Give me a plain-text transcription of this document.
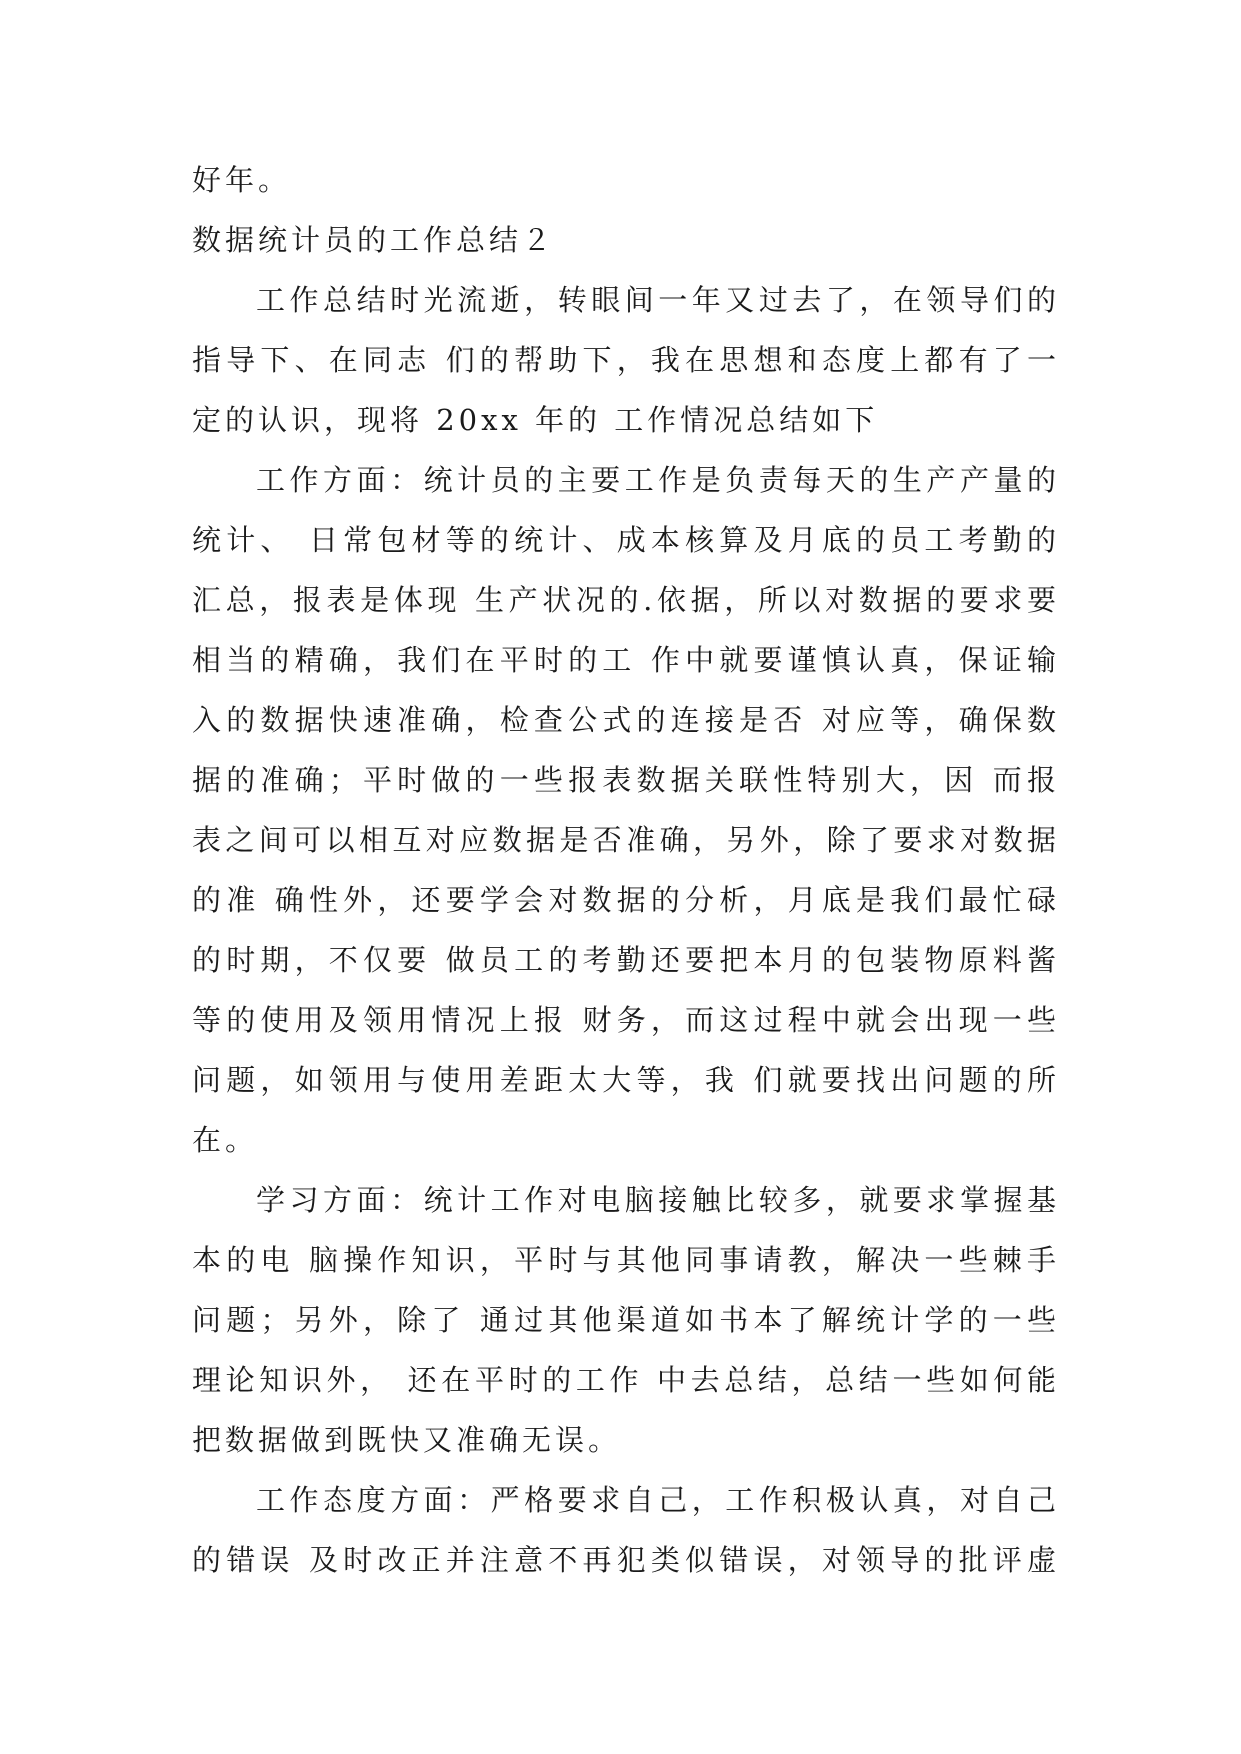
好年。
数据统计员的工作总结２
工作总结时光流逝，转眼间一年又过去了，在领导们的
指导下、在同志 们的帮助下，我在思想和态度上都有了一
定的认识，现将 20xx 年的 工作情况总结如下
工作方面：统计员的主要工作是负责每天的生产产量的
统计、 日常包材等的统计、成本核算及月底的员工考勤的
汇总，报表是体现 生产状况的.依据，所以对数据的要求要
相当的精确，我们在平时的工 作中就要谨慎认真，保证输
入的数据快速准确，检查公式的连接是否 对应等，确保数
据的准确；平时做的一些报表数据关联性特别大，因 而报
表之间可以相互对应数据是否准确，另外，除了要求对数据
的准 确性外，还要学会对数据的分析，月底是我们最忙碌
的时期，不仅要 做员工的考勤还要把本月的包装物原料酱
等的使用及领用情况上报 财务，而这过程中就会出现一些
问题，如领用与使用差距太大等，我 们就要找出问题的所
在。
学习方面：统计工作对电脑接触比较多，就要求掌握基
本的电 脑操作知识，平时与其他同事请教，解决一些棘手
问题；另外，除了 通过其他渠道如书本了解统计学的一些
理论知识外， 还在平时的工作 中去总结，总结一些如何能
把数据做到既快又准确无误。
工作态度方面：严格要求自己，工作积极认真，对自己
的错误 及时改正并注意不再犯类似错误，对领导的批评虚
